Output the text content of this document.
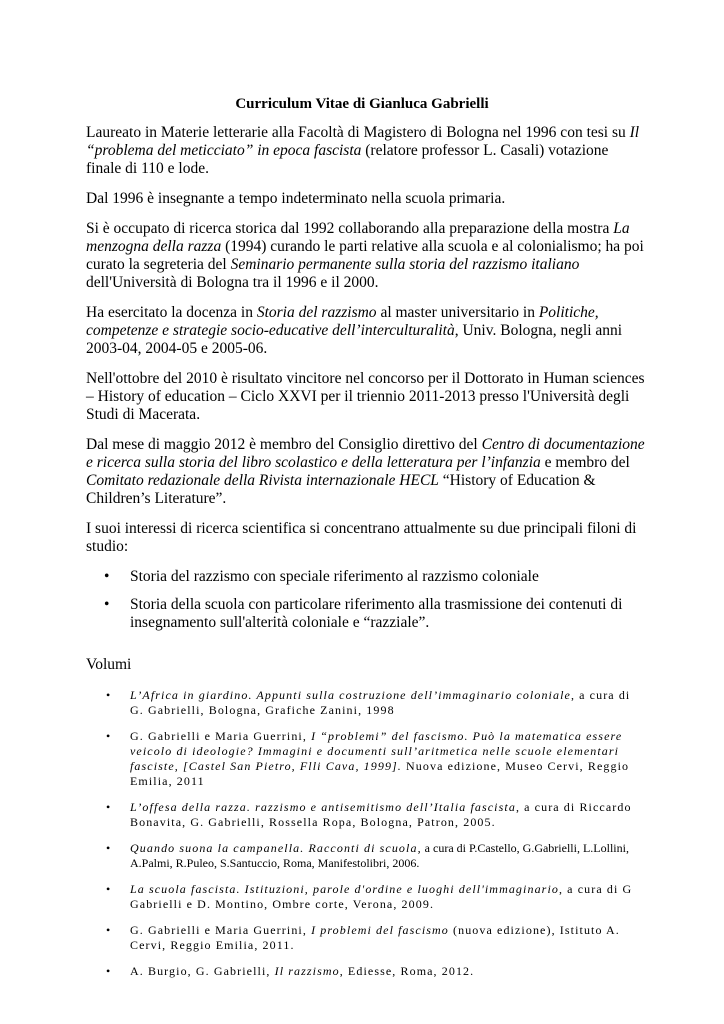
Curriculum Vitae di Gianluca Gabrielli

Laureato in Materie letterarie alla Facoltà di Magistero di Bologna nel 1996 con tesi su Il “problema del meticciato” in epoca fascista (relatore professor L. Casali) votazione finale di 110 e lode.

Dal 1996 è insegnante a tempo indeterminato nella scuola primaria.

Si è occupato di ricerca storica dal 1992 collaborando alla preparazione della mostra La menzogna della razza (1994) curando le parti relative alla scuola e al colonialismo; ha poi curato la segreteria del Seminario permanente sulla storia del razzismo italiano dell'Università di Bologna tra il 1996 e il 2000.

Ha esercitato la docenza in Storia del razzismo al master universitario in Politiche, competenze e strategie socio-educative dell’interculturalità, Univ. Bologna, negli anni 2003-04, 2004-05 e 2005-06.

Nell'ottobre del 2010 è risultato vincitore nel concorso per il Dottorato in Human sciences – History of education – Ciclo XXVI per il triennio 2011-2013 presso l'Università degli Studi di Macerata.

Dal mese di maggio 2012 è membro del Consiglio direttivo del Centro di documentazione e ricerca sulla storia del libro scolastico e della letteratura per l’infanzia e membro del Comitato redazionale della Rivista internazionale HECL “History of Education & Children’s Literature”.

I suoi interessi di ricerca scientifica si concentrano attualmente su due principali filoni di studio:

• Storia del razzismo con speciale riferimento al razzismo coloniale
• Storia della scuola con particolare riferimento alla trasmissione dei contenuti di insegnamento sull'alterità coloniale e “razziale”.
Volumi
• L’Africa in giardino. Appunti sulla costruzione dell’immaginario coloniale, a cura di G. Gabrielli, Bologna, Grafiche Zanini, 1998
• G. Gabrielli e Maria Guerrini, I “problemi” del fascismo. Può la matematica essere veicolo di ideologie? Immagini e documenti sull’aritmetica nelle scuole elementari fasciste, [Castel San Pietro, Flli Cava, 1999]. Nuova edizione, Museo Cervi, Reggio Emilia, 2011
• L’offesa della razza. razzismo e antisemitismo dell’Italia fascista, a cura di Riccardo Bonavita, G. Gabrielli, Rossella Ropa, Bologna, Patron, 2005.
• Quando suona la campanella. Racconti di scuola, a cura di P.Castello, G.Gabrielli, L.Lollini, A.Palmi, R.Puleo, S.Santuccio, Roma, Manifestolibri, 2006.
• La scuola fascista. Istituzioni, parole d'ordine e luoghi dell'immaginario, a cura di G Gabrielli e D. Montino, Ombre corte, Verona, 2009.
• G. Gabrielli e Maria Guerrini, I problemi del fascismo (nuova edizione), Istituto A. Cervi, Reggio Emilia, 2011.
• A. Burgio, G. Gabrielli, Il razzismo, Ediesse, Roma, 2012.
